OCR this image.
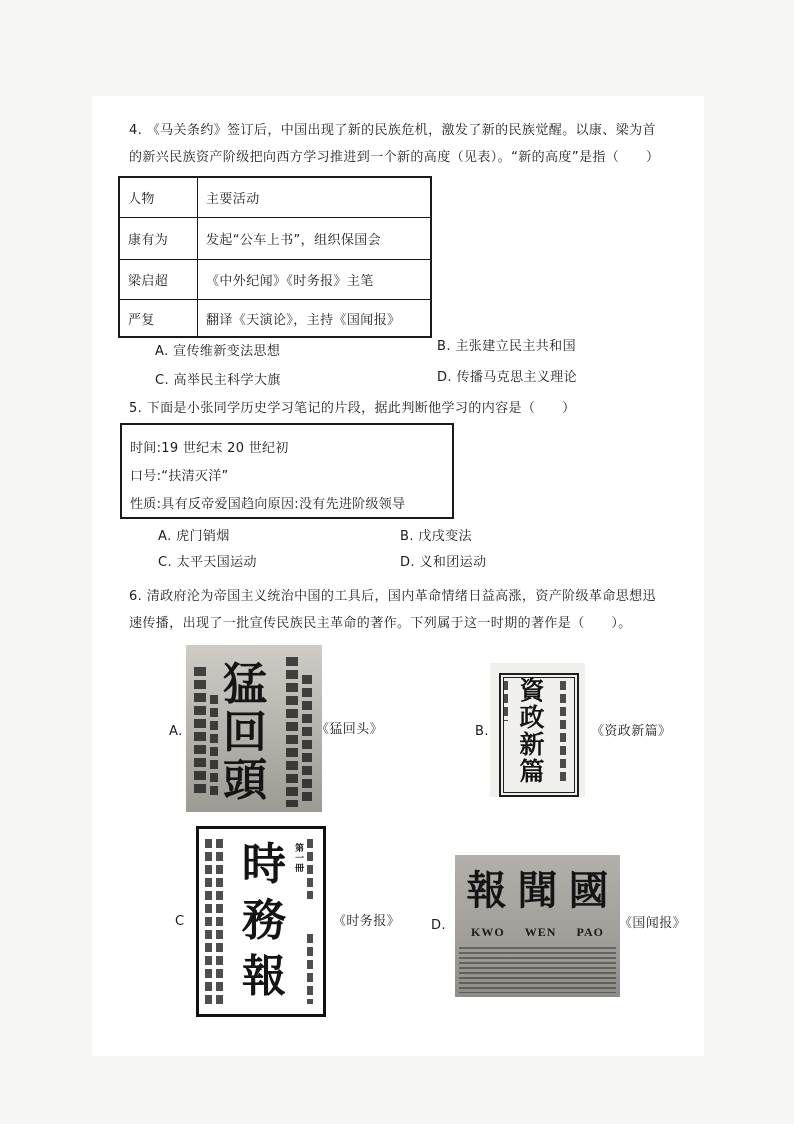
4. 《马关条约》签订后，中国出现了新的民族危机，激发了新的民族觉醒。以康、梁为首
的新兴民族资产阶级把向西方学习推进到一个新的高度（见表）。“新的高度”是指（　　）
人物	主要活动
康有为	发起“公车上书”，组织保国会
梁启超	《中外纪闻》《时务报》主笔
严复	翻译《天演论》，主持《国闻报》
A. 宣传维新变法思想	B. 主张建立民主共和国
C. 高举民主科学大旗	D. 传播马克思主义理论
5. 下面是小张同学历史学习笔记的片段，据此判断他学习的内容是（　　）
时间:19 世纪末 20 世纪初
口号:“扶清灭洋”
性质:具有反帝爱国趋向原因:没有先进阶级领导
A. 虎门销烟	B. 戊戌变法
C. 太平天国运动	D. 义和团运动
6. 清政府沦为帝国主义统治中国的工具后，国内革命情绪日益高涨，资产阶级革命思想迅
速传播，出现了一批宣传民族民主革命的著作。下列属于这一时期的著作是（　　）。
A.
猛
回
頭
《猛回头》	B.
資
政
新
篇
《资政新篇》
C
時
務
報
第一冊
《时务报》 D.
報 聞 國
KWO WEN PAO
《国闻报》
